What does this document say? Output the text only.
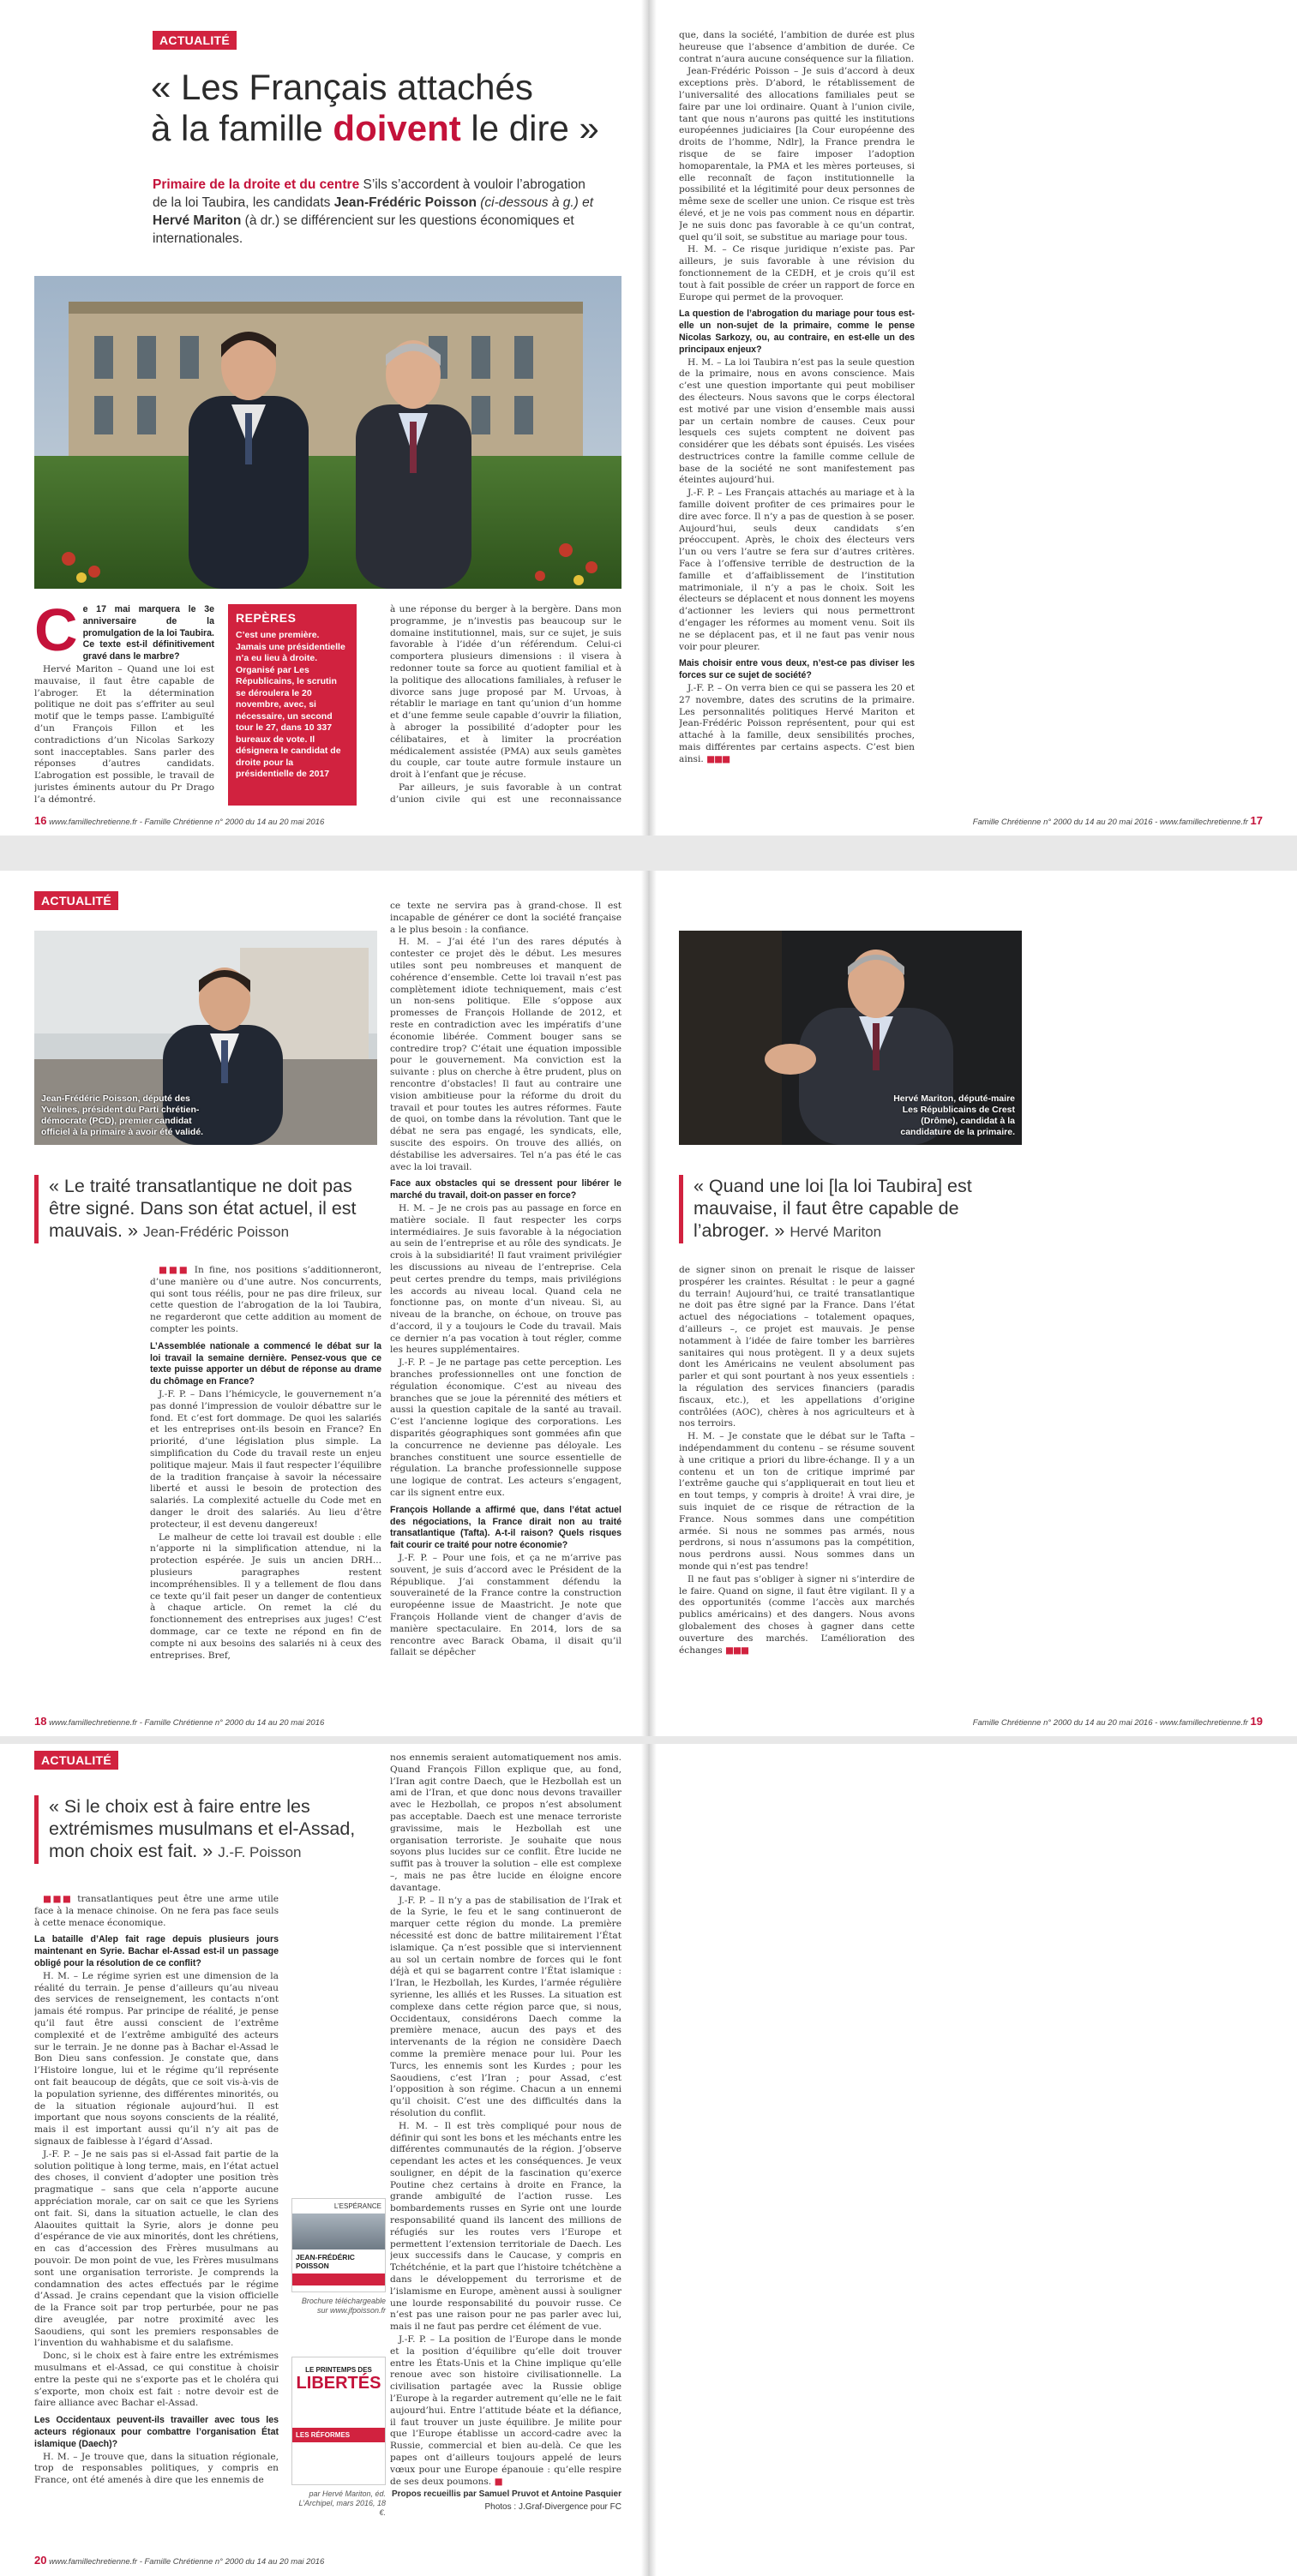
ACTUALITÉ
« Les Français attachés
à la famille doivent le dire »
Primaire de la droite et du centre S’ils s’accordent à vouloir l’abrogation de la loi Taubira, les candidats Jean-Frédéric Poisson (ci-dessous à g.) et Hervé Mariton (à dr.) se différencient sur les questions économiques et internationales.
C e 17 mai marquera le 3e anniversaire de la promulgation de la loi Taubira. Ce texte est-il définitivement gravé dans le marbre?

Hervé Mariton – Quand une loi est mauvaise, il faut être capable de l’abroger. Et la détermination politique ne doit pas s’effriter au seul motif que le temps passe. L’ambiguïté d’un François Fillon et les contradictions d’un Nicolas Sarkozy sont inacceptables. Sans parler des réponses d’autres candidats. L’abrogation est possible, le travail de juristes éminents autour du Pr Drago l’a démontré.

REPÈRES
C’est une première. Jamais une présidentielle n’a eu lieu à droite. Organisé par Les Républicains, le scrutin se déroulera le 20 novembre, avec, si nécessaire, un second tour le 27, dans 10 337 bureaux de vote. Il désignera le candidat de droite pour la présidentielle de 2017

à une réponse du berger à la bergère. Dans mon programme, je n’investis pas beaucoup sur le domaine institutionnel, mais, sur ce sujet, je suis favorable à l’idée d’un référendum. Celui-ci comportera plusieurs dimensions : il visera à redonner toute sa force au quotient familial et à la politique des allocations familiales, à refuser le divorce sans juge proposé par M. Urvoas, à rétablir le mariage en tant qu’union d’un homme et d’une femme seule capable d’ouvrir la filiation, à abroger la possibilité d’adopter pour les célibataires, et à limiter la procréation médicalement assistée (PMA) aux seuls gamètes du couple, car toute autre formule instaure un droit à l’enfant que je récuse.

Par ailleurs, je suis favorable à un contrat d’union civile qui est une reconnaissance

que, dans la société, l’ambition de durée est plus heureuse que l’absence d’ambition de durée. Ce contrat n’aura aucune conséquence sur la filiation.

Jean-Frédéric Poisson – Je suis d’accord à deux exceptions près. D’abord, le rétablissement de l’universalité des allocations familiales peut se faire par une loi ordinaire. Quant à l’union civile, tant que nous n’aurons pas quitté les institutions européennes judiciaires [la Cour européenne des droits de l’homme, Ndlr], la France prendra le risque de se faire imposer l’adoption homoparentale, la PMA et les mères porteuses, si elle reconnaît de façon institutionnelle la possibilité et la légitimité pour deux personnes de même sexe de sceller une union. Ce risque est très élevé, et je ne vois pas comment nous en départir. Je ne suis donc pas favorable à ce qu’un contrat, quel qu’il soit, se substitue au mariage pour tous.

H. M. – Ce risque juridique n’existe pas. Par ailleurs, je suis favorable à une révision du fonctionnement de la CEDH, et je crois qu’il est tout à fait possible de créer un rapport de force en Europe qui permet de la provoquer.

La question de l’abrogation du mariage pour tous est-elle un non-sujet de la primaire, comme le pense Nicolas Sarkozy, ou, au contraire, en est-elle un des principaux enjeux?

H. M. – La loi Taubira n’est pas la seule question de la primaire, nous en avons conscience. Mais c’est une question importante qui peut mobiliser des électeurs. Nous savons que le corps électoral est motivé par une vision d’ensemble mais aussi par un certain nombre de causes. Ceux pour lesquels ces sujets comptent ne doivent pas considérer que les débats sont épuisés. Les visées destructrices contre la famille comme cellule de base de la société ne sont manifestement pas éteintes aujourd’hui.

J.-F. P. – Les Français attachés au mariage et à la famille doivent profiter de ces primaires pour le dire avec force. Il n’y a pas de question à se poser. Aujourd’hui, seuls deux candidats s’en préoccupent. Après, le choix des électeurs vers l’un ou vers l’autre se fera sur d’autres critères. Face à l’offensive terrible de destruction de la famille et d’affaiblissement de l’institution matrimoniale, il n’y a pas le choix. Soit les électeurs se déplacent et nous donnent les moyens d’actionner les leviers qui nous permettront d’engager les réformes au moment venu. Soit ils ne se déplacent pas, et il ne faut pas venir nous voir pour pleurer.

Mais choisir entre vous deux, n’est-ce pas diviser les forces sur ce sujet de société?

J.-F. P. – On verra bien ce qui se passera les 20 et 27 novembre, dates des scrutins de la primaire. Les personnalités politiques Hervé Mariton et Jean-Frédéric Poisson représentent, pour qui est attaché à la famille, deux sensibilités proches, mais différentes par certains aspects. C’est bien ainsi. ■■■

16 www.famillechretienne.fr - Famille Chrétienne n° 2000 du 14 au 20 mai 2016	Famille Chrétienne n° 2000 du 14 au 20 mai 2016 - www.famillechretienne.fr 17
ACTUALITÉ
Jean-Frédéric Poisson, député des Yvelines, président du Parti chrétien-démocrate (PCD), premier candidat officiel à la primaire à avoir été validé.
Hervé Mariton, député-maire Les Républicains de Crest (Drôme), candidat à la candidature de la primaire.
« Le traité transatlantique ne doit pas être signé. Dans son état actuel, il est mauvais. » Jean-Frédéric Poisson
« Quand une loi [la loi Taubira] est mauvaise, il faut être capable de l’abroger. » Hervé Mariton

■■■ In fine, nos positions s’additionneront, d’une manière ou d’une autre. Nos concurrents, qui sont tous réélis, pour ne pas dire frileux, sur cette question de l’abrogation de la loi Taubira, ne regarderont que cette addition au moment de compter les points.

L’Assemblée nationale a commencé le débat sur la loi travail la semaine dernière. Pensez-vous que ce texte puisse apporter un début de réponse au drame du chômage en France?

J.-F. P. – Dans l’hémicycle, le gouvernement n’a pas donné l’impression de vouloir débattre sur le fond. Et c’est fort dommage. De quoi les salariés et les entreprises ont-ils besoin en France? En priorité, d’une législation plus simple. La simplification du Code du travail reste un enjeu politique majeur. Mais il faut respecter l’équilibre de la tradition française à savoir la nécessaire liberté et aussi le besoin de protection des salariés. La complexité actuelle du Code met en danger le droit des salariés. Au lieu d’être protecteur, il est devenu dangereux!

Le malheur de cette loi travail est double : elle n’apporte ni la simplification attendue, ni la protection espérée. Je suis un ancien DRH... plusieurs paragraphes restent incompréhensibles. Il y a tellement de flou dans ce texte qu’il fait peser un danger de contentieux à chaque article. On remet la clé du fonctionnement des entreprises aux juges! C’est dommage, car ce texte ne répond en fin de compte ni aux besoins des salariés ni à ceux des entreprises. Bref,

ce texte ne servira pas à grand-chose. Il est incapable de générer ce dont la société française a le plus besoin : la confiance.

H. M. – J’ai été l’un des rares députés à contester ce projet dès le début. Les mesures utiles sont peu nombreuses et manquent de cohérence d’ensemble. Cette loi travail n’est pas complètement idiote techniquement, mais c’est un non-sens politique. Elle s’oppose aux promesses de François Hollande de 2012, et reste en contradiction avec les impératifs d’une économie libérée. Comment bouger sans se contredire trop? C’était une équation impossible pour le gouvernement. Ma conviction est la suivante : plus on cherche à être prudent, plus on rencontre d’obstacles! Il faut au contraire une vision ambitieuse pour la réforme du droit du travail et pour toutes les autres réformes. Faute de quoi, on tombe dans la révolution. Tant que le débat ne sera pas engagé, les syndicats, elle, suscite des espoirs. On trouve des alliés, on déstabilise les adversaires. Tel n’a pas été le cas avec la loi travail.

Face aux obstacles qui se dressent pour libérer le marché du travail, doit-on passer en force?

H. M. – Je ne crois pas au passage en force en matière sociale. Il faut respecter les corps intermédiaires. Je suis favorable à la négociation au sein de l’entreprise et au rôle des syndicats. Je crois à la subsidiarité! Il faut vraiment privilégier les discussions au niveau de l’entreprise. Cela peut certes prendre du temps, mais privilégions les accords au niveau local. Quand cela ne fonctionne pas, on monte d’un niveau. Si, au niveau de la branche, on échoue, on trouve pas d’accord, il y a toujours le Code du travail. Mais ce dernier n’a pas vocation à tout régler, comme les heures supplémentaires.

J.-F. P. – Je ne partage pas cette perception. Les branches professionnelles ont une fonction de régulation économique. C’est au niveau des branches que se joue la pérennité des métiers et aussi la question capitale de la santé au travail. C’est l’ancienne logique des corporations. Les disparités géographiques sont gommées afin que la concurrence ne devienne pas déloyale. Les branches constituent une source essentielle de régulation. La branche professionnelle suppose une logique de contrat. Les acteurs s’engagent, car ils signent entre eux.

François Hollande a affirmé que, dans l’état actuel des négociations, la France dirait non au traité transatlantique (Tafta). A-t-il raison? Quels risques fait courir ce traité pour notre économie?

J.-F. P. – Pour une fois, et ça ne m’arrive pas souvent, je suis d’accord avec le Président de la République. J’ai constamment défendu la souveraineté de la France contre la construction européenne issue de Maastricht. Je note que François Hollande vient de changer d’avis de manière spectaculaire. En 2014, lors de sa rencontre avec Barack Obama, il disait qu’il fallait se dépêcher

de signer sinon on prenait le risque de laisser prospérer les craintes. Résultat : le peur a gagné du terrain! Aujourd’hui, ce traité transatlantique ne doit pas être signé par la France. Dans l’état actuel des négociations – totalement opaques, d’ailleurs –, ce projet est mauvais. Je pense notamment à l’idée de faire tomber les barrières sanitaires qui nous protègent. Il y a deux sujets dont les Américains ne veulent absolument pas parler et qui sont pourtant à nos yeux essentiels : la régulation des services financiers (paradis fiscaux, etc.), et les appellations d’origine contrôlées (AOC), chères à nos agriculteurs et à nos terroirs.

H. M. – Je constate que le débat sur le Tafta – indépendamment du contenu – se résume souvent à une critique a priori du libre-échange. Il y a un contenu et un ton de critique imprimé par l’extrême gauche qui s’appliquerait en tout lieu et en tout temps, y compris à droite! À vrai dire, je suis inquiet de ce risque de rétraction de la France. Nous sommes dans une compétition armée. Si nous ne sommes pas armés, nous perdrons, si nous n’assumons pas la compétition, nous perdrons aussi. Nous sommes dans un monde qui n’est pas tendre!

Il ne faut pas s’obliger à signer ni s’interdire de le faire. Quand on signe, il faut être vigilant. Il y a des opportunités (comme l’accès aux marchés publics américains) et des dangers. Nous avons globalement des choses à gagner dans cette ouverture des marchés. L’amélioration des échanges ■■■

18 www.famillechretienne.fr - Famille Chrétienne n° 2000 du 14 au 20 mai 2016	Famille Chrétienne n° 2000 du 14 au 20 mai 2016 - www.famillechretienne.fr 19
ACTUALITÉ
« Si le choix est à faire entre les extrémismes musulmans et el-Assad, mon choix est fait. » J.-F. Poisson

■■■ transatlantiques peut être une arme utile face à la menace chinoise. On ne fera pas face seuls à cette menace économique.

La bataille d’Alep fait rage depuis plusieurs jours maintenant en Syrie. Bachar el-Assad est-il un passage obligé pour la résolution de ce conflit?

H. M. – Le régime syrien est une dimension de la réalité du terrain. Je pense d’ailleurs qu’au niveau des services de renseignement, les contacts n’ont jamais été rompus. Par principe de réalité, je pense qu’il faut être aussi conscient de l’extrême complexité et de l’extrême ambiguïté des acteurs sur le terrain. Je ne donne pas à Bachar el-Assad le Bon Dieu sans confession. Je constate que, dans l’Histoire longue, lui et le régime qu’il représente ont fait beaucoup de dégâts, que ce soit vis-à-vis de la population syrienne, des différentes minorités, ou de la situation régionale aujourd’hui. Il est important que nous soyons conscients de la réalité, mais il est important aussi qu’il n’y ait pas de signaux de faiblesse à l’égard d’Assad.

J.-F. P. – Je ne sais pas si el-Assad fait partie de la solution politique à long terme, mais, en l’état actuel des choses, il convient d’adopter une position très pragmatique – sans que cela n’apporte aucune appréciation morale, car on sait ce que les Syriens ont fait. Si, dans la situation actuelle, le clan des Alaouites quittait la Syrie, alors je donne peu d’espérance de vie aux minorités, dont les chrétiens, en cas d’accession des Frères musulmans au pouvoir. De mon point de vue, les Frères musulmans sont une organisation terroriste. Je comprends la condamnation des actes effectués par le régime d’Assad. Je crains cependant que la vision officielle de la France soit par trop perturbée, pour ne pas dire aveuglée, par notre proximité avec les Saoudiens, qui sont les premiers responsables de l’invention du wahhabisme et du salafisme.

Donc, si le choix est à faire entre les extrémismes musulmans et el-Assad, ce qui constitue à choisir entre la peste qui ne s’exporte pas et le choléra qui s’exporte, mon choix est fait : notre devoir est de faire alliance avec Bachar el-Assad.

Les Occidentaux peuvent-ils travailler avec tous les acteurs régionaux pour combattre l’organisation État islamique (Daech)?

H. M. – Je trouve que, dans la situation régionale, trop de responsables politiques, y compris en France, ont été amenés à dire que les ennemis de

L’ESPÉRANCE
JEAN-FRÉDÉRIC POISSON
Brochure téléchargeable sur www.jfpoisson.fr
LE PRINTEMPS DES
LIBERTÉS
LES RÉFORMES
par Hervé Mariton, éd. L’Archipel, mars 2016, 18 €.

nos ennemis seraient automatiquement nos amis. Quand François Fillon explique que, au fond, l’Iran agit contre Daech, que le Hezbollah est un ami de l’Iran, et que donc nous devons travailler avec le Hezbollah, ce propos n’est absolument pas acceptable. Daech est une menace terroriste gravissime, mais le Hezbollah est une organisation terroriste. Je souhaite que nous soyons plus lucides sur ce conflit. Être lucide ne suffit pas à trouver la solution – elle est complexe –, mais ne pas être lucide en éloigne encore davantage.

J.-F. P. – Il n’y a pas de stabilisation de l’Irak et de la Syrie, le feu et le sang continueront de marquer cette région du monde. La première nécessité est donc de battre militairement l’État islamique. Ça n’est possible que si interviennent au sol un certain nombre de forces qui le font déjà et qui se bagarrent contre l’État islamique : l’Iran, le Hezbollah, les Kurdes, l’armée régulière syrienne, les alliés et les Russes. La situation est complexe dans cette région parce que, si nous, Occidentaux, considérons Daech comme la première menace, aucun des pays et des intervenants de la région ne considère Daech comme la première menace pour lui. Pour les Turcs, les ennemis sont les Kurdes ; pour les Saoudiens, c’est l’Iran ; pour Assad, c’est l’opposition à son régime. Chacun a un ennemi qu’il choisit. C’est une des difficultés dans la résolution du conflit.

H. M. – Il est très compliqué pour nous de définir qui sont les bons et les méchants entre les différentes communautés de la région. J’observe cependant les actes et les conséquences. Je veux souligner, en dépit de la fascination qu’exerce Poutine chez certains à droite en France, la grande ambiguïté de l’action russe. Les bombardements russes en Syrie ont une lourde responsabilité quand ils lancent des millions de réfugiés sur les routes vers l’Europe et permettent l’extension territoriale de Daech. Les jeux successifs dans le Caucase, y compris en Tchétchénie, et la part que l’histoire tchétchène a dans le développement du terrorisme et de l’islamisme en Europe, amènent aussi à souligner une lourde responsabilité du pouvoir russe. Ce n’est pas une raison pour ne pas parler avec lui, mais il ne faut pas perdre cet élément de vue.

J.-F. P. – La position de l’Europe dans le monde et la position d’équilibre qu’elle doit trouver entre les États-Unis et la Chine implique qu’elle renoue avec son histoire civilisationnelle. La civilisation partagée avec la Russie oblige l’Europe à la regarder autrement qu’elle ne le fait aujourd’hui. Entre l’attitude béate et la défiance, il faut trouver un juste équilibre. Je milite pour que l’Europe établisse un accord-cadre avec la Russie, commercial et bien au-delà. Ce que les papes ont d’ailleurs toujours appelé de leurs vœux pour une Europe épanouie : qu’elle respire de ses deux poumons. ■

Propos recueillis par Samuel Pruvot et Antoine Pasquier

Photos : J.Graf-Divergence pour FC

20 www.famillechretienne.fr - Famille Chrétienne n° 2000 du 14 au 20 mai 2016
